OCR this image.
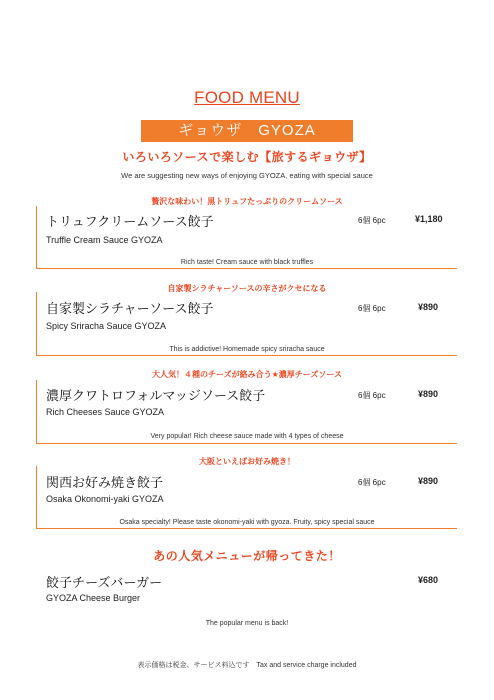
FOOD MENU
ギョウザ　GYOZA
いろいろソースで楽しむ【旅するギョウザ】
We are suggesting new ways of enjoying GYOZA, eating with special sauce
贅沢な味わい！黒トリュフたっぷりのクリームソース
トリュフクリームソース餃子	6個 6pc	¥1,180
Truffle Cream Sauce GYOZA
Rich taste! Cream sauce with black truffles
自家製シラチャーソースの辛さがクセになる
自家製シラチャーソース餃子	6個 6pc	¥890
Spicy Sriracha Sauce GYOZA
This is addictive! Homemade spicy sriracha sauce
大人気！４種のチーズが絡み合う★濃厚チーズソース
濃厚クワトロフォルマッジソース餃子	6個 6pc	¥890
Rich Cheeses Sauce GYOZA
Very popular! Rich cheese sauce made with 4 types of cheese
大阪といえばお好み焼き！
関西お好み焼き餃子	6個 6pc	¥890
Osaka Okonomi-yaki GYOZA
Osaka specialty! Please taste okonomi-yaki with gyoza. Fruity, spicy special sauce
あの人気メニューが帰ってきた！
餃子チーズバーガー	¥680
GYOZA Cheese Burger
The popular menu is back!
表示価格は税金、サービス料込です　Tax and service charge included
